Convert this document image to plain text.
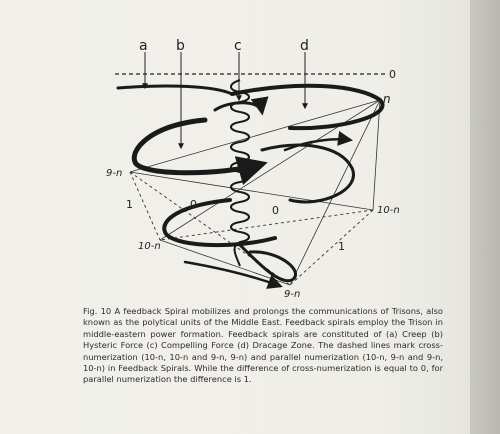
a b	c	d
0
n
9-n
10-n
1	0	0
10-n	1
9-n
Fig. 10 A feedback Spiral mobilizes and prolongs the communications of Trisons, also known as the polytical units of the Middle East. Feedback spirals employ the Trison in middle-eastern power formation. Feedback spirals are constituted of (a) Creep (b) Hysteric Force (c) Compelling Force (d) Dracage Zone. The dashed lines mark cross-numerization (10-n, 10-n and 9-n, 9-n) and parallel numerization (10-n, 9-n and 9-n, 10-n) in Feedback Spirals. While the difference of cross-numerization is equal to 0, for parallel numerization the difference is 1.
